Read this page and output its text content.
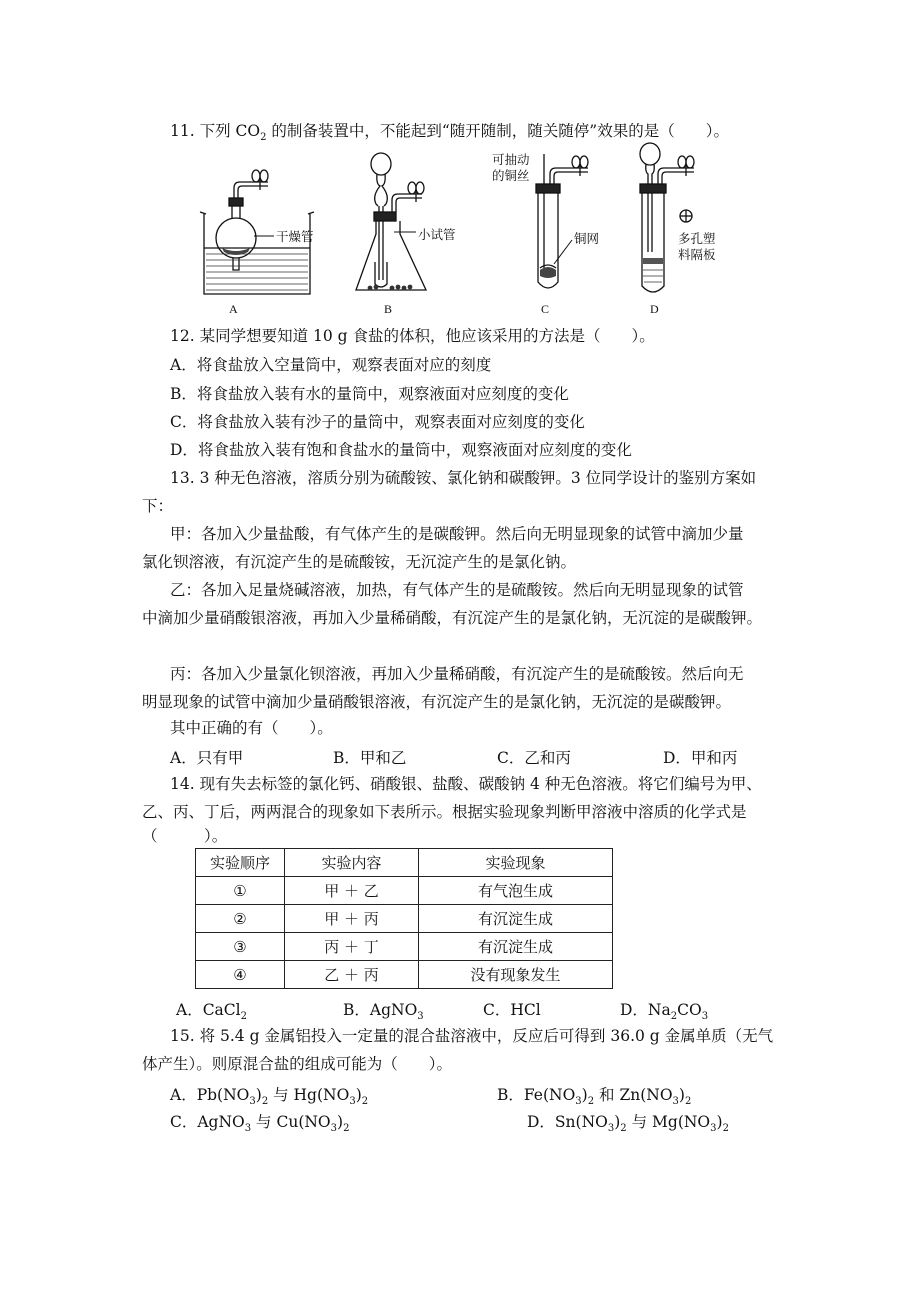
11. 下列 $CO_2$ 的制备装置中，不能起到“随开随制，随关随停”效果的是（　　）。
干燥管
A
小试管
B
可抽动
的铜丝
铜网
C
多孔塑
料隔板
D
12. 某同学想要知道 10 g 食盐的体积，他应该采用的方法是（　　）。
A．将食盐放入空量筒中，观察表面对应的刻度
B．将食盐放入装有水的量筒中，观察液面对应刻度的变化
C．将食盐放入装有沙子的量筒中，观察表面对应刻度的变化
D．将食盐放入装有饱和食盐水的量筒中，观察液面对应刻度的变化
13. 3 种无色溶液，溶质分别为硫酸铵、氯化钠和碳酸钾。3 位同学设计的鉴别方案如
下：
甲：各加入少量盐酸，有气体产生的是碳酸钾。然后向无明显现象的试管中滴加少量
氯化钡溶液，有沉淀产生的是硫酸铵，无沉淀产生的是氯化钠。
乙：各加入足量烧碱溶液，加热，有气体产生的是硫酸铵。然后向无明显现象的试管
中滴加少量硝酸银溶液，再加入少量稀硝酸，有沉淀产生的是氯化钠，无沉淀的是碳酸钾。
丙：各加入少量氯化钡溶液，再加入少量稀硝酸，有沉淀产生的是硫酸铵。然后向无
明显现象的试管中滴加少量硝酸银溶液，有沉淀产生的是氯化钠，无沉淀的是碳酸钾。
其中正确的有（　　）。
A．只有甲	B．甲和乙	C．乙和丙	D．甲和丙
14. 现有失去标签的氯化钙、硝酸银、盐酸、碳酸钠 4 种无色溶液。将它们编号为甲、
乙、丙、丁后，两两混合的现象如下表所示。根据实验现象判断甲溶液中溶质的化学式是
（　　　）。
实验顺序	实验内容	实验现象
①	甲 ＋ 乙	有气泡生成
②	甲 ＋ 丙	有沉淀生成
③	丙 ＋ 丁	有沉淀生成
④	乙 ＋ 丙	没有现象发生
A．CaCl$_2$	B．AgNO$_3$	C．HCl	D．$Na_2CO_3$
15. 将 5.4 g 金属铝投入一定量的混合盐溶液中，反应后可得到 36.0 g 金属单质（无气
体产生）。则原混合盐的组成可能为（　　）。
A．$Pb(NO_3)_2$ 与 $Hg(NO_3)_2$	B．$Fe(NO_3)_2$ 和 $Zn(NO_3)_2$
C．AgNO$_3$ 与 $Cu(NO_3)_2$	D．$Sn(NO_3)_2$ 与 $Mg(NO_3)_2$
